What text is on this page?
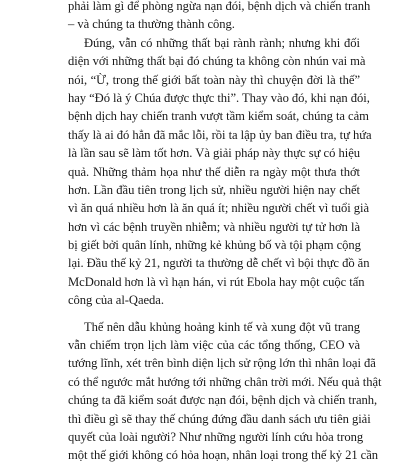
phải làm gì để phòng ngừa nạn đói, bệnh dịch và chiến tranh
– và chúng ta thường thành công.
Đúng, vẫn có những thất bại rành rành; nhưng khi đối
diện với những thất bại đó chúng ta không còn nhún vai mà
nói, “Ừ, trong thế giới bất toàn này thì chuyện đời là thế”
hay “Đó là ý Chúa được thực thi”. Thay vào đó, khi nạn đói,
bệnh dịch hay chiến tranh vượt tầm kiểm soát, chúng ta cảm
thấy là ai đó hẳn đã mắc lỗi, rồi ta lập ủy ban điều tra, tự hứa
là lần sau sẽ làm tốt hơn. Và giải pháp này thực sự có hiệu
quả. Những thảm họa như thế diễn ra ngày một thưa thớt
hơn. Lần đầu tiên trong lịch sử, nhiều người hiện nay chết
vì ăn quá nhiều hơn là ăn quá ít; nhiều người chết vì tuổi già
hơn vì các bệnh truyền nhiễm; và nhiều người tự tử hơn là
bị giết bởi quân lính, những kẻ khủng bố và tội phạm cộng
lại. Đầu thế kỷ 21, người ta thường dễ chết vì bội thực đồ ăn
McDonald hơn là vì hạn hán, vi rút Ebola hay một cuộc tấn
công của al-Qaeda.
Thế nên dẫu khủng hoảng kinh tế và xung đột vũ trang
vẫn chiếm trọn lịch làm việc của các tổng thống, CEO và
tướng lĩnh, xét trên bình diện lịch sử rộng lớn thì nhân loại đã
có thể ngước mắt hướng tới những chân trời mới. Nếu quả thật
chúng ta đã kiểm soát được nạn đói, bệnh dịch và chiến tranh,
thì điều gì sẽ thay thế chúng đứng đầu danh sách ưu tiên giải
quyết của loài người? Như những người lính cứu hỏa trong
một thế giới không có hỏa hoạn, nhân loại trong thế kỷ 21 cần
